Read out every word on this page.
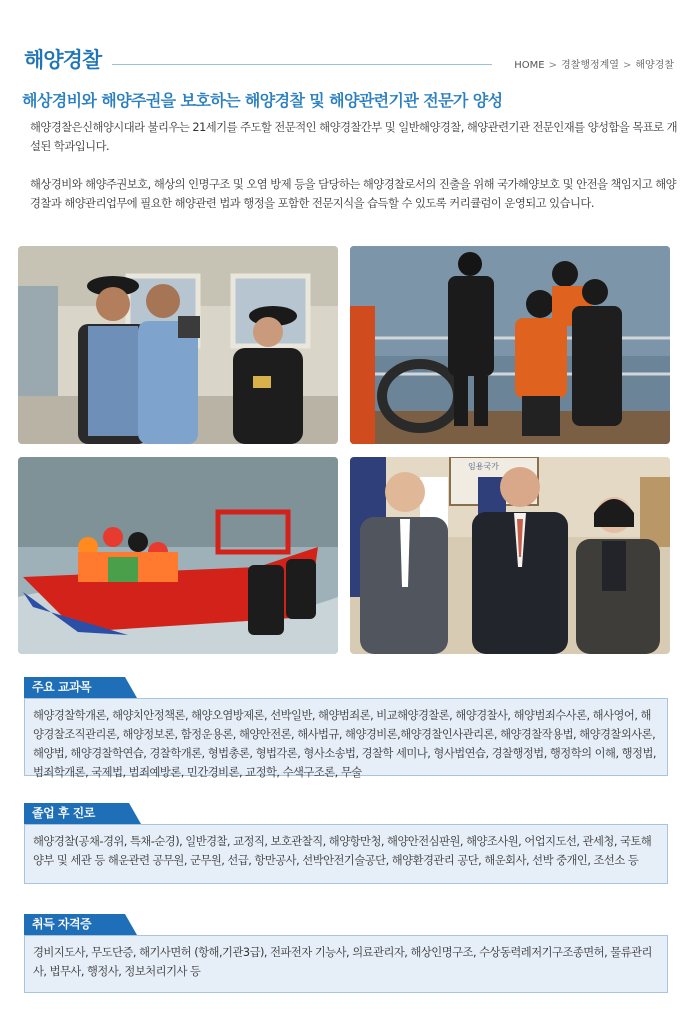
해양경찰	HOME > 경찰행정계열 > 해양경찰
해상경비와 해양주권을 보호하는 해양경찰 및 해양관련기관 전문가 양성

해양경찰은신해양시대라 불리우는 21세기를 주도할 전문적인 해양경찰간부 및 일반해양경찰, 해양관련기관 전문인재를 양성함을 목표로 개설된 학과입니다.

해상경비와 해양주권보호, 해상의 인명구조 및 오염 방제 등을 담당하는 해양경찰로서의 진출을 위해 국가해양보호 및 안전을 책임지고 해양경찰과 해양관리업무에 필요한 해양관련 법과 행정을 포함한 전문지식을 습득할 수 있도록 커리큘럼이 운영되고 있습니다.

임용국가
주요 교과목
해양경찰학개론, 해양치안정책론, 해양오염방제론, 선박일반, 해양범죄론, 비교해양경찰론, 해양경찰사, 해양범죄수사론, 해사영어, 해양경찰조직관리론, 해양정보론, 함정운용론, 해양안전론, 해사법규, 해양경비론,해양경찰인사관리론, 해양경찰작용법, 해양경찰외사론, 해양법, 해양경찰학연습, 경찰학개론, 형법총론, 형법각론, 형사소송법, 경찰학 세미나, 형사법연습, 경찰행정법, 행정학의 이해, 행정법, 범죄학개론, 국제법, 범죄예방론, 민간경비론, 교정학, 수색구조론, 무술
졸업 후 진로
해양경찰(공채-경위, 특채-순경), 일반경찰, 교정직, 보호관찰직, 해양항만청, 해양안전심판원, 해양조사원, 어업지도선, 관세청, 국토해양부 및 세관 등 해운관련 공무원, 군무원, 선급, 항만공사, 선박안전기술공단, 해양환경관리 공단, 해운회사, 선박 중개인, 조선소 등
취득 자격증
경비지도사, 무도단증, 해기사면허 (항해,기관3급), 전파전자 기능사, 의료관리자, 해상인명구조, 수상동력레저기구조종면허, 물류관리사, 법무사, 행정사, 정보처리기사 등
